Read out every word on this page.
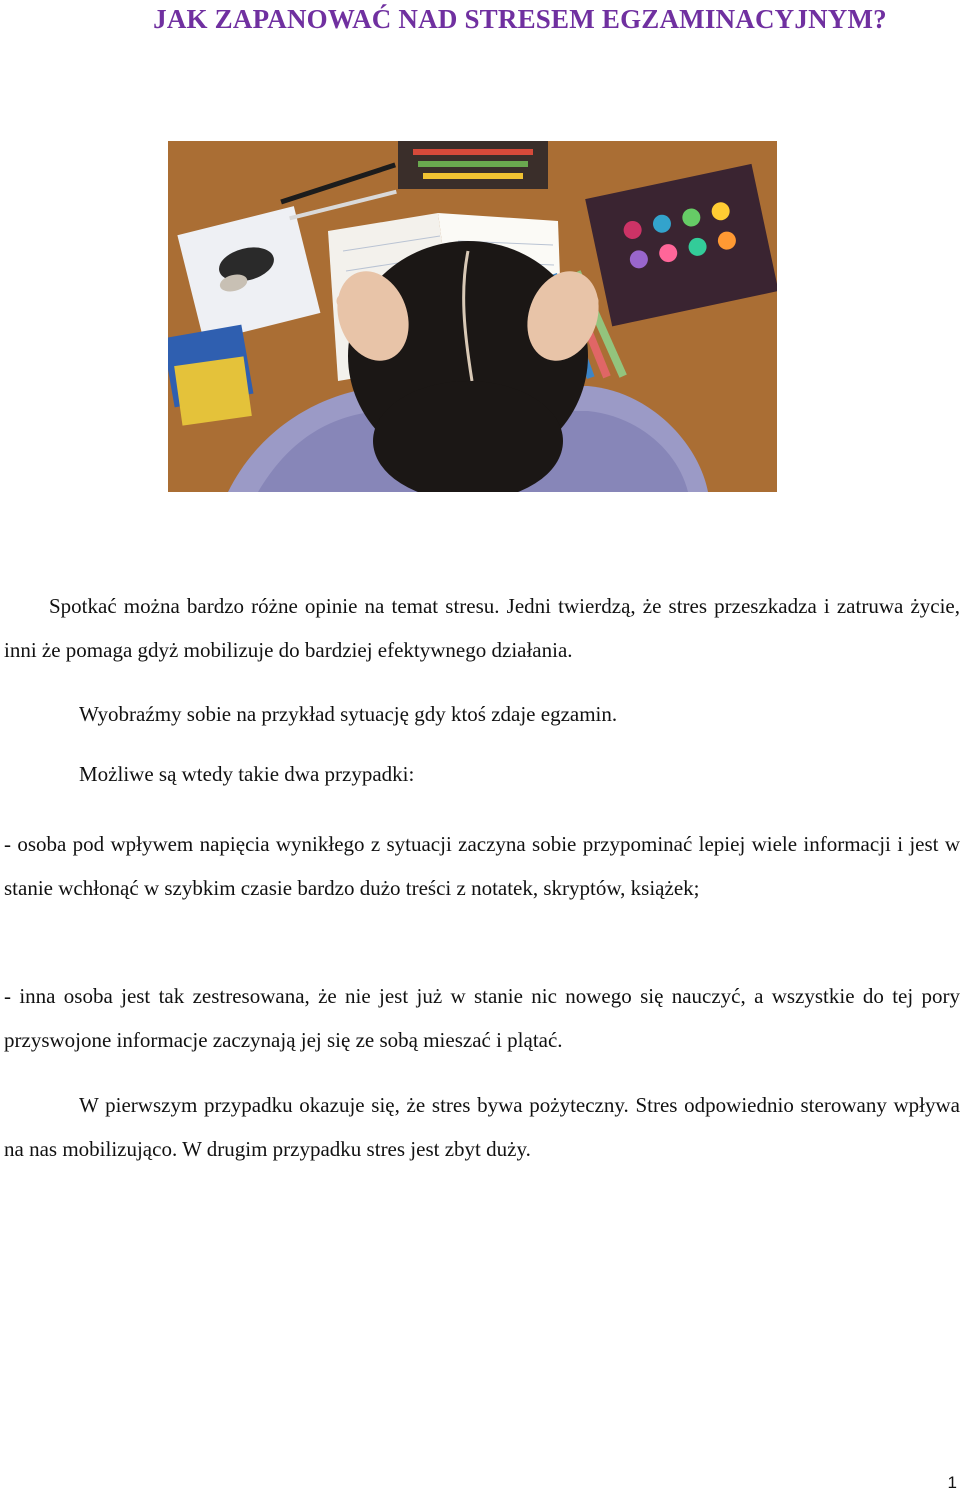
JAK ZAPANOWAĆ NAD STRESEM EGZAMINACYJNYM?

Spotkać można bardzo różne opinie na temat stresu. Jedni twierdzą, że stres przeszkadza i zatruwa życie, inni że pomaga gdyż mobilizuje do bardziej efektywnego działania.

Wyobraźmy sobie na przykład sytuację gdy ktoś zdaje egzamin.

Możliwe są wtedy takie dwa przypadki:

- osoba pod wpływem napięcia wynikłego z sytuacji zaczyna sobie przypominać lepiej wiele informacji i jest w stanie wchłonąć w szybkim czasie bardzo dużo treści z notatek, skryptów, książek;

- inna osoba jest tak zestresowana, że nie jest już w stanie nic nowego się nauczyć, a wszystkie do tej pory przyswojone informacje zaczynają jej się ze sobą mieszać i plątać.

W pierwszym przypadku okazuje się, że stres bywa pożyteczny. Stres odpowiednio sterowany wpływa na nas mobilizująco. W drugim przypadku stres jest zbyt duży.

1
